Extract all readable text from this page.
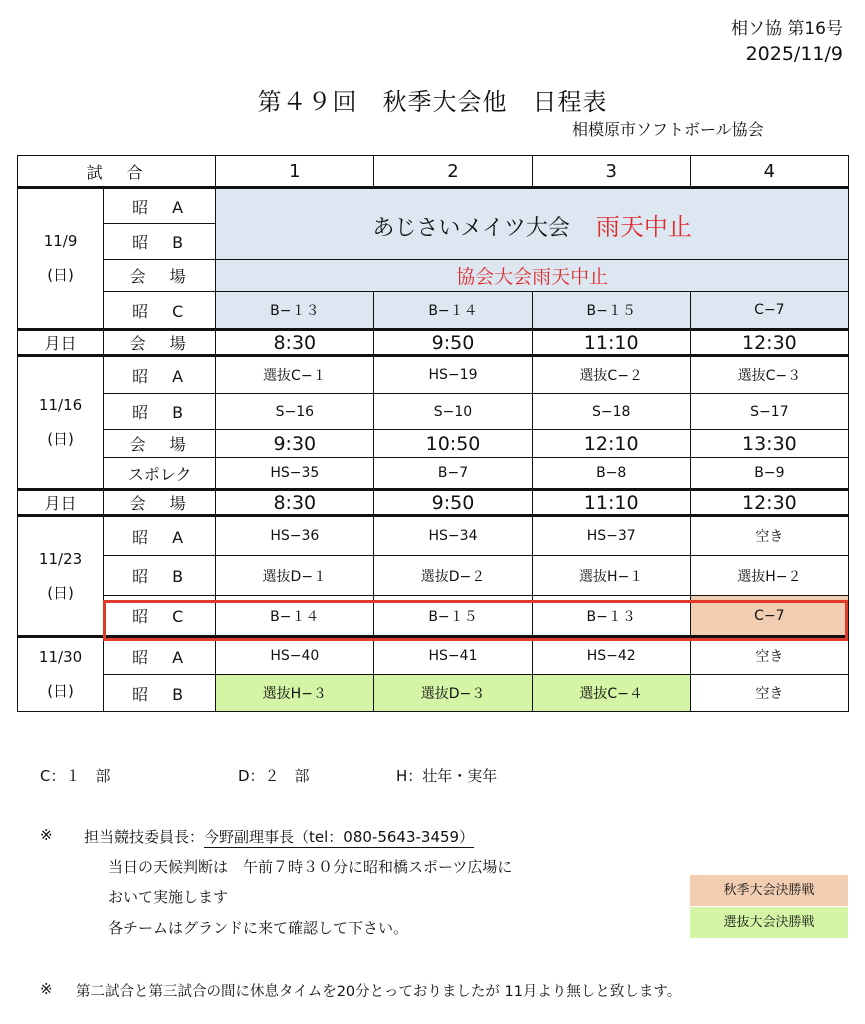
相ソ協 第16号
2025/11/9
第４９回　秋季大会他　日程表
相模原市ソフトボール協会
試　合		1	2	3	4

11/9
(日)	昭　A	あじさいメイツ大会 雨天中止			
	昭　B				
	会　場	協会大会雨天中止			
	昭　C	B−１３	B−１４	B−１５	C−7
月日	会　場	8:30	9:50	11:10	12:30

11/16
(日)	昭　A	選抜C−１	HS−19	選抜C−２	選抜C−３
	昭　B	S−16	S−10	S−18	S−17
	会　場	9:30	10:50	12:10	13:30
	スポレク	HS−35	B−7	B−8	B−9
月日	会　場	8:30	9:50	11:10	12:30

11/23
(日)	昭　A	HS−36	HS−34	HS−37	空き
	昭　B	選抜D−１	選抜D−２	選抜H−１	選抜H−２
	昭　C	B−１４	B−１５	B−１３	C−7

11/30
(日)	昭　A	HS−40	HS−41	HS−42	空き
	昭　B	選抜H−３	選抜D−３	選抜C−４	空き
C：１　部	D：２　部	H：壮年・実年
※ 担当競技委員長：今野副理事長（tel：080-5643-3459）
当日の天候判断は　午前７時３０分に昭和橋スポーツ広場に
おいて実施します
各チームはグランドに来て確認して下さい。
秋季大会決勝戦
選抜大会決勝戦
※ 第二試合と第三試合の間に休息タイムを20分とっておりましたが 11月より無しと致します。
